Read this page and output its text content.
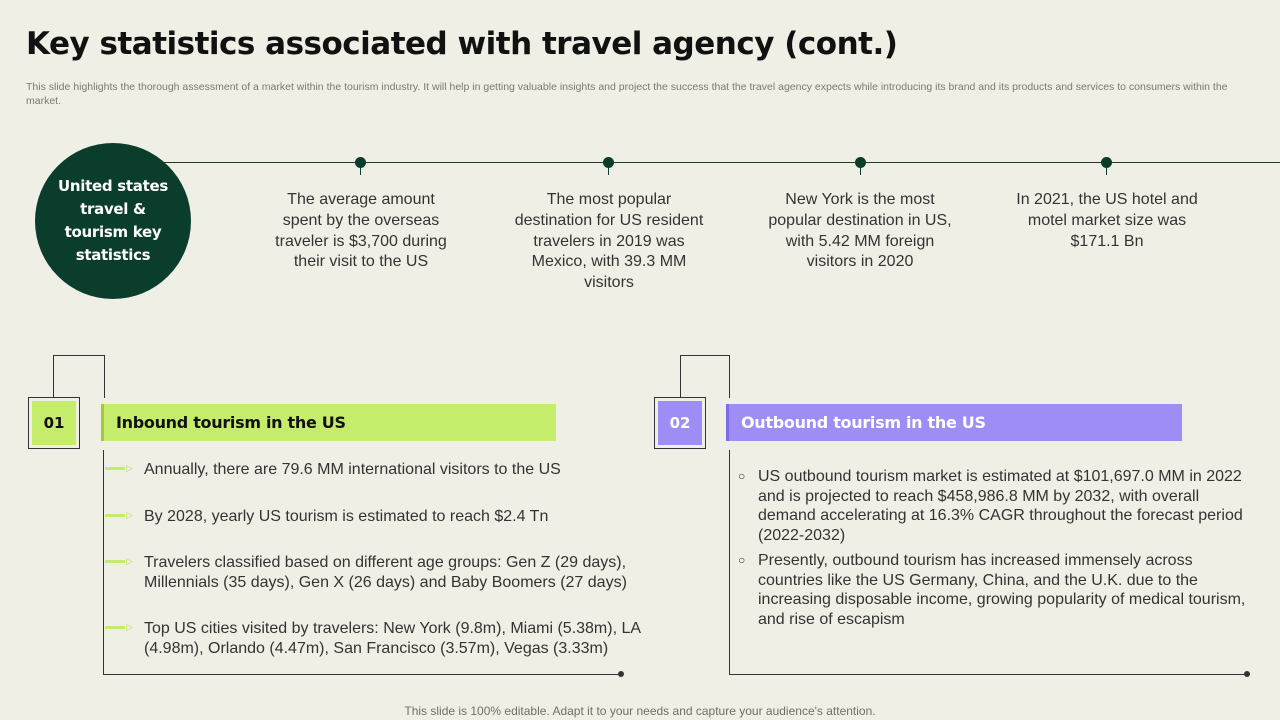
Key statistics associated with travel agency (cont.)
This slide highlights the thorough assessment of a market within the tourism industry. It will help in getting valuable insights and project the success that the travel agency expects while introducing its brand and its products and services to consumers within the market.
United states travel & tourism key statistics
The average amount spent by the overseas traveler is $3,700 during their visit to the US
The most popular destination for US resident travelers in 2019 was Mexico, with 39.3 MM visitors
New York is the most popular destination in US, with 5.42 MM foreign visitors in 2020
In 2021, the US hotel and motel market size was $171.1 Bn
01	Inbound tourism in the US
▷ Annually, there are 79.6 MM international visitors to the US
▷ By 2028, yearly US tourism is estimated to reach $2.4 Tn
▷ Travelers classified based on different age groups: Gen Z (29 days), Millennials (35 days), Gen X (26 days) and Baby Boomers (27 days)
▷ Top US cities visited by travelers: New York (9.8m), Miami (5.38m), LA (4.98m), Orlando (4.47m), San Francisco (3.57m), Vegas (3.33m)
02	Outbound tourism in the US
○ US outbound tourism market is estimated at $101,697.0 MM in 2022 and is projected to reach $458,986.8 MM by 2032, with overall demand accelerating at 16.3% CAGR throughout the forecast period (2022-2032)
○ Presently, outbound tourism has increased immensely across countries like the US Germany, China, and the U.K. due to the increasing disposable income, growing popularity of medical tourism, and rise of escapism
This slide is 100% editable. Adapt it to your needs and capture your audience's attention.
